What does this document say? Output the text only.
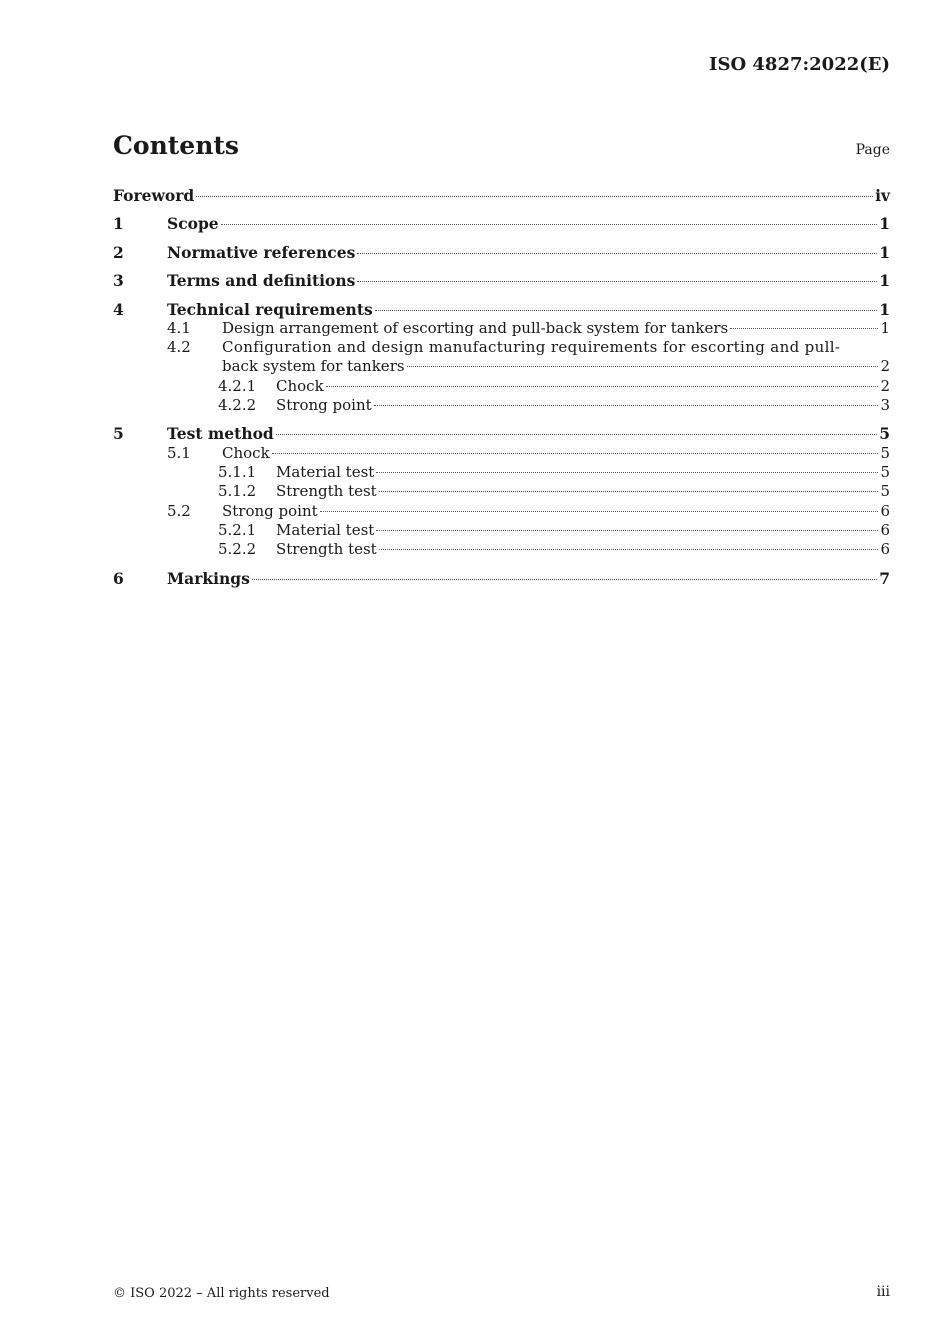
ISO 4827:2022(E)
Contents	Page
Foreword	iv
1	Scope	1
2	Normative references	1
3	Terms and definitions	1
4	Technical requirements	1
4.1	Design arrangement of escorting and pull-back system for tankers	1
4.2	Configuration and design manufacturing requirements for escorting and pull-
back system for tankers	2
4.2.1	Chock	2
4.2.2	Strong point	3
5	Test method	5
5.1	Chock	5
5.1.1	Material test	5
5.1.2	Strength test	5
5.2	Strong point	6
5.2.1	Material test	6
5.2.2	Strength test	6
6	Markings	7
© ISO 2022 – All rights reserved	iii
